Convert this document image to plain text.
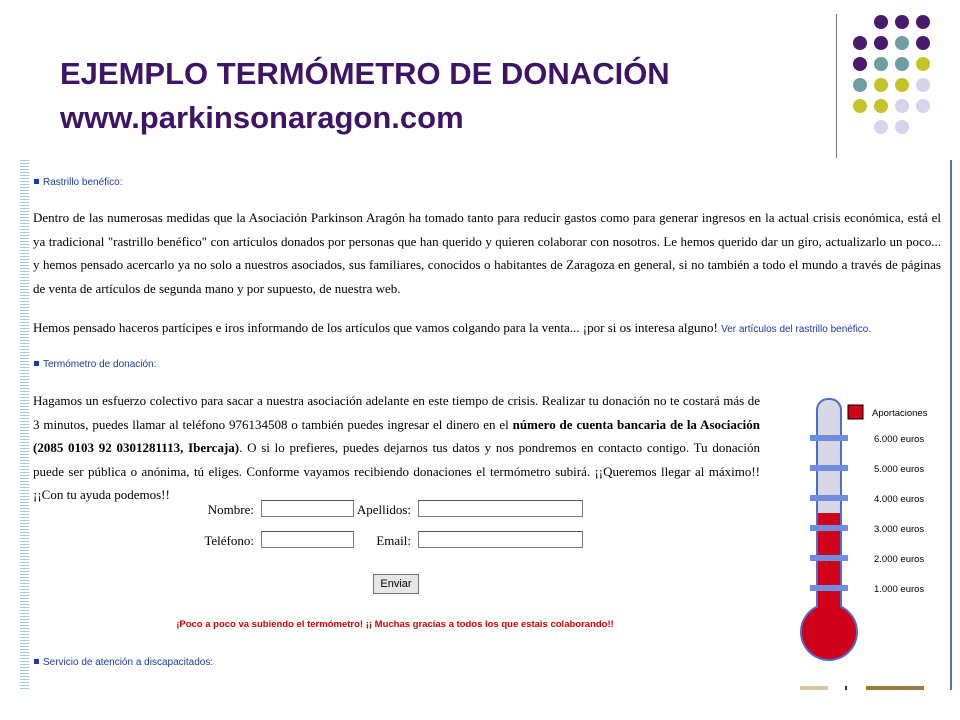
EJEMPLO TERMÓMETRO DE DONACIÓN
www.parkinsonaragon.com
Rastrillo benéfico:

Dentro de las numerosas medidas que la Asociación Parkinson Aragón ha tomado tanto para reducir gastos como para generar ingresos en la actual crisis económica, está el ya tradicional "rastrillo benéfico" con artículos donados por personas que han querido y quieren colaborar con nosotros. Le hemos querido dar un giro, actualizarlo un poco... y hemos pensado acercarlo ya no solo a nuestros asociados, sus familiares, conocidos o habitantes de Zaragoza en general, si no también a todo el mundo a través de páginas de venta de artículos de segunda mano y por supuesto, de nuestra web.

Hemos pensado haceros partícipes e iros informando de los artículos que vamos colgando para la venta... ¡por si os interesa alguno! Ver artículos del rastrillo benéfico.

Termómetro de donación:

Hagamos un esfuerzo colectivo para sacar a nuestra asociación adelante en este tiempo de crisis. Realizar tu donación no te costará más de 3 minutos, puedes llamar al teléfono 976134508 o también puedes ingresar el dinero en el número de cuenta bancaria de la Asociación (2085 0103 92 0301281113, Ibercaja). O si lo prefieres, puedes dejarnos tus datos y nos pondremos en contacto contigo. Tu donación puede ser pública o anónima, tú eliges. Conforme vayamos recibiendo donaciones el termómetro subirá. ¡¡Queremos llegar al máximo!! ¡¡Con tu ayuda podemos!!

Nombre:	Apellidos:
Teléfono:	Email:
Enviar
¡Poco a poco va subiendo el termómetro! ¡¡ Muchas gracias a todos los que estais colaborando!!
Servicio de atención a discapacitados:
Aportaciones
6.000 euros
5.000 euros
4.000 euros
3.000 euros
2.000 euros
1.000 euros
